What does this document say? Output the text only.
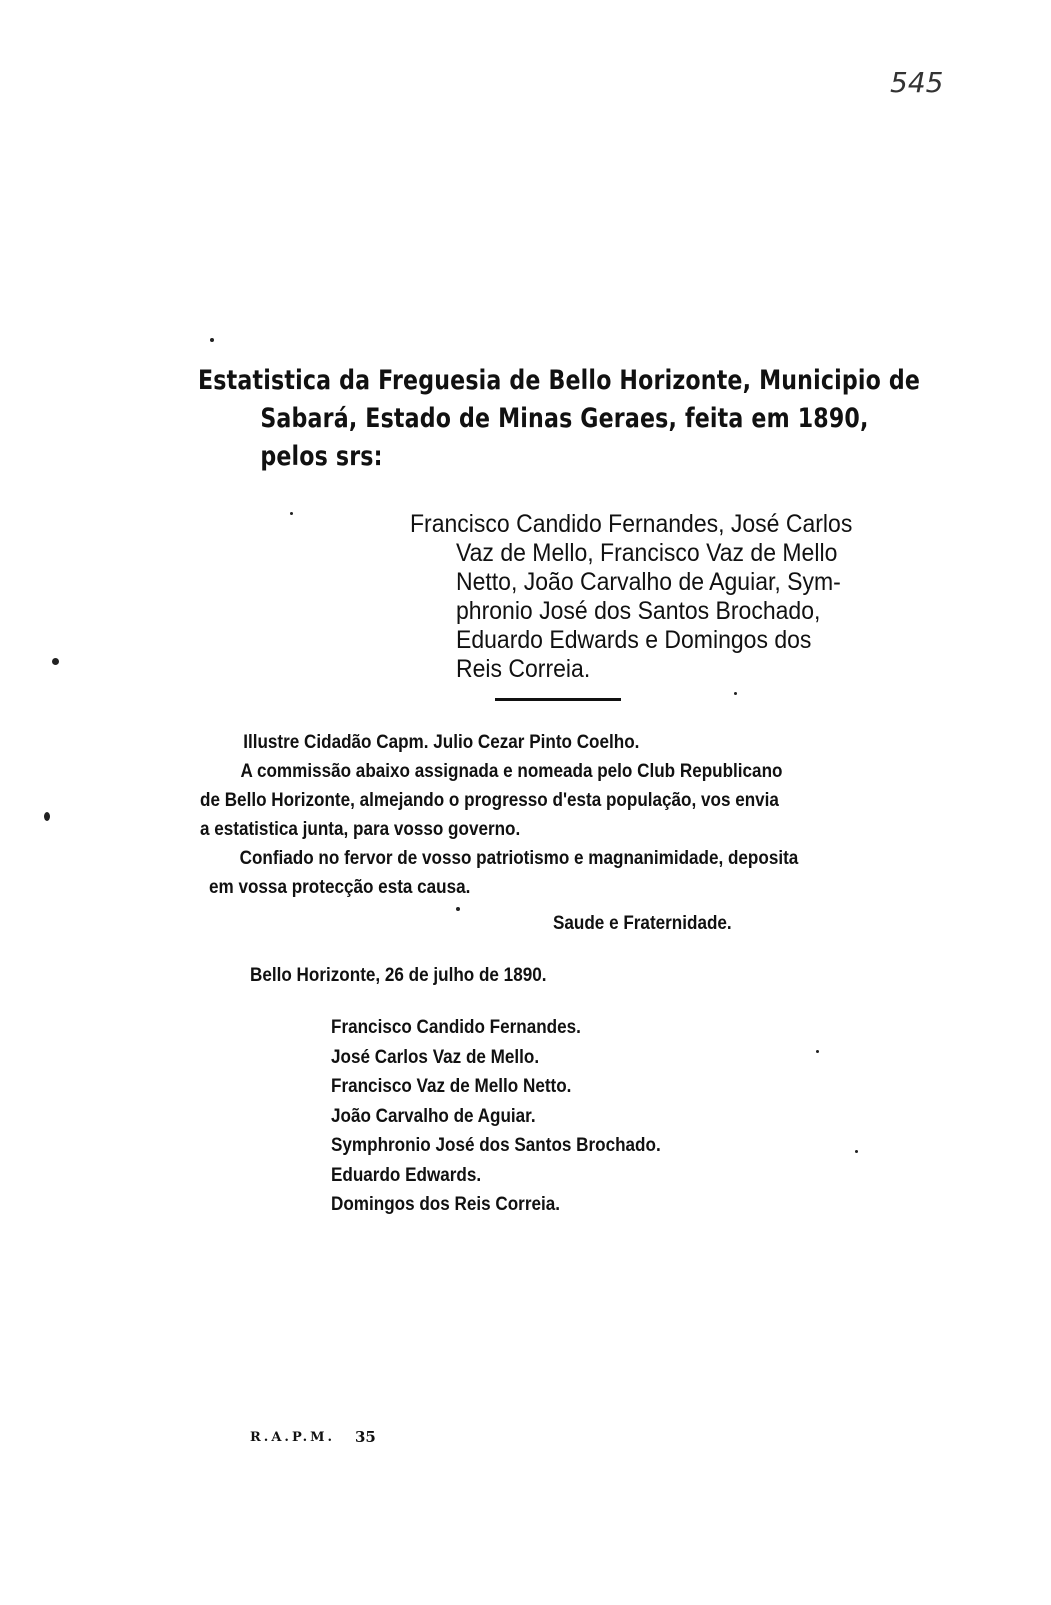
545
Estatistica da Freguesia de Bello Horizonte, Municipio de
Sabará, Estado de Minas Geraes, feita em 1890,
pelos srs:
Francisco Candido Fernandes, José Carlos
Vaz de Mello, Francisco Vaz de Mello
Netto, João Carvalho de Aguiar, Sym-
phronio José dos Santos Brochado,
Eduardo Edwards e Domingos dos
Reis Correia.
Illustre Cidadão Capm. Julio Cezar Pinto Coelho.
A commissão abaixo assignada e nomeada pelo Club Republicano
de Bello Horizonte, almejando o progresso d'esta população, vos envia
a estatistica junta, para vosso governo.
Confiado no fervor de vosso patriotismo e magnanimidade, deposita
em vossa protecção esta causa.
Saude e Fraternidade.
Bello Horizonte, 26 de julho de 1890.
Francisco Candido Fernandes.
José Carlos Vaz de Mello.
Francisco Vaz de Mello Netto.
João Carvalho de Aguiar.
Symphronio José dos Santos Brochado.
Eduardo Edwards.
Domingos dos Reis Correia.
R.A.P.M. 35
